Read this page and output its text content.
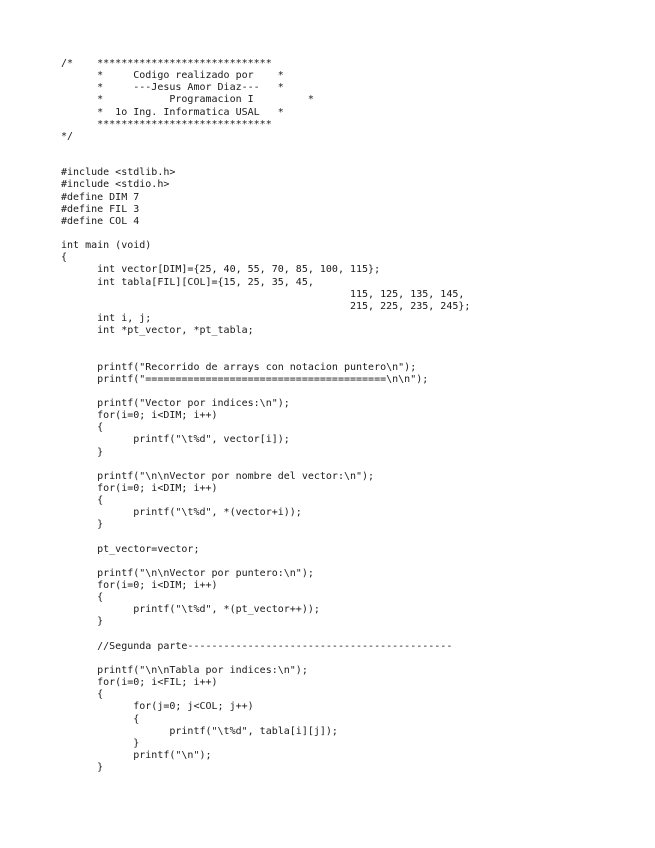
/*	*****************************
	*     Codigo realizado por    *
	*     ---Jesus Amor Diaz---   *
	*           Programacion I         *
	*  1o Ing. Informatica USAL   *
	*****************************
*/
#include <stdlib.h>
#include <stdio.h>
#define DIM 7
#define FIL 3
#define COL 4
int main (void)
{
	int vector[DIM]={25, 40, 55, 70, 85, 100, 115};
	int tabla[FIL][COL]={15, 25, 35, 45,
								115, 125, 135, 145,
								215, 225, 235, 245};
	int i, j;
	int *pt_vector, *pt_tabla;
	printf("Recorrido de arrays con notacion puntero\n");
	printf("========================================\n\n");
	printf("Vector por indices:\n");
	for(i=0; i<DIM; i++)
	{
		printf("\t%d", vector[i]);
	}
	printf("\n\nVector por nombre del vector:\n");
	for(i=0; i<DIM; i++)
	{
		printf("\t%d", *(vector+i));
	}
	pt_vector=vector;
	printf("\n\nVector por puntero:\n");
	for(i=0; i<DIM; i++)
	{
		printf("\t%d", *(pt_vector++));
	}
	//Segunda parte--------------------------------------------
	printf("\n\nTabla por indices:\n");
	for(i=0; i<FIL; i++)
	{
		for(j=0; j<COL; j++)
		{
			printf("\t%d", tabla[i][j]);
		}
		printf("\n");
	}
